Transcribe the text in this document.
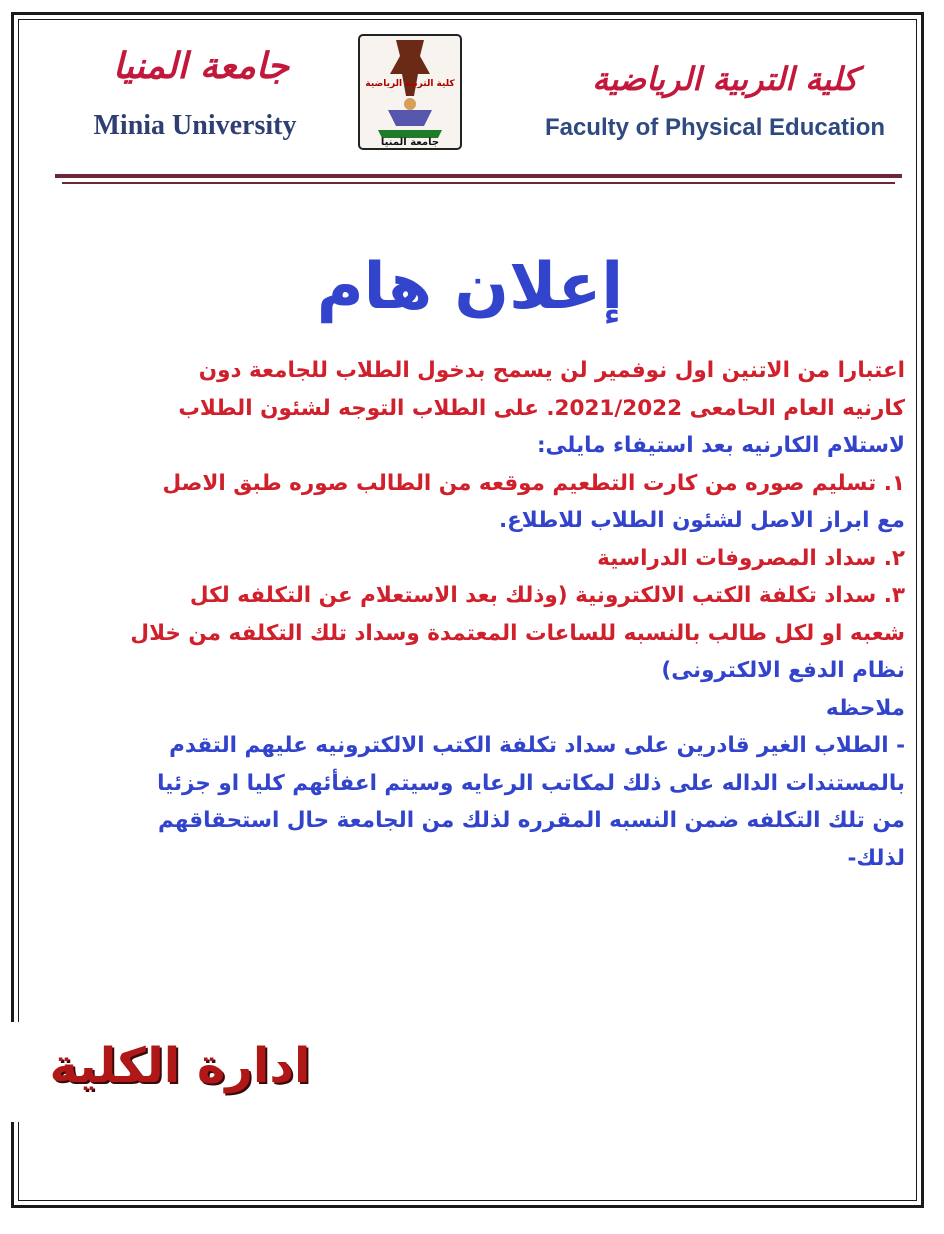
جامعة المنيا
Minia University
كلية التربية الرياضية
جامعة المنيا
كلية التربية الرياضية
Faculty of Physical Education
إعلان هام
اعتبارا من الاتنين اول نوفمير لن يسمح بدخول الطلاب للجامعة دون
كارنيه العام الحامعى 2021/2022. على الطلاب التوجه لشئون الطلاب
لاستلام الكارنيه بعد استيفاء مايلى:
١. تسليم صوره من كارت التطعيم موقعه من الطالب صوره طبق الاصل
مع ابراز الاصل لشئون الطلاب للاطلاع.
٢. سداد المصروفات الدراسية
٣. سداد تكلفة الكتب الالكترونية (وذلك بعد الاستعلام عن التكلفه لكل
شعبه او لكل طالب بالنسبه للساعات المعتمدة وسداد تلك التكلفه من خلال
نظام الدفع الالكترونى)
ملاحظه
- الطلاب الغير قادرين على سداد تكلفة الكتب الالكترونيه عليهم التقدم
بالمستندات الداله على ذلك لمكاتب الرعايه وسيتم اعفأئهم كليا او جزئيا
من تلك التكلفه ضمن النسبه المقرره لذلك من الجامعة حال استحقاقهم
لذلك-
ادارة الكلية
